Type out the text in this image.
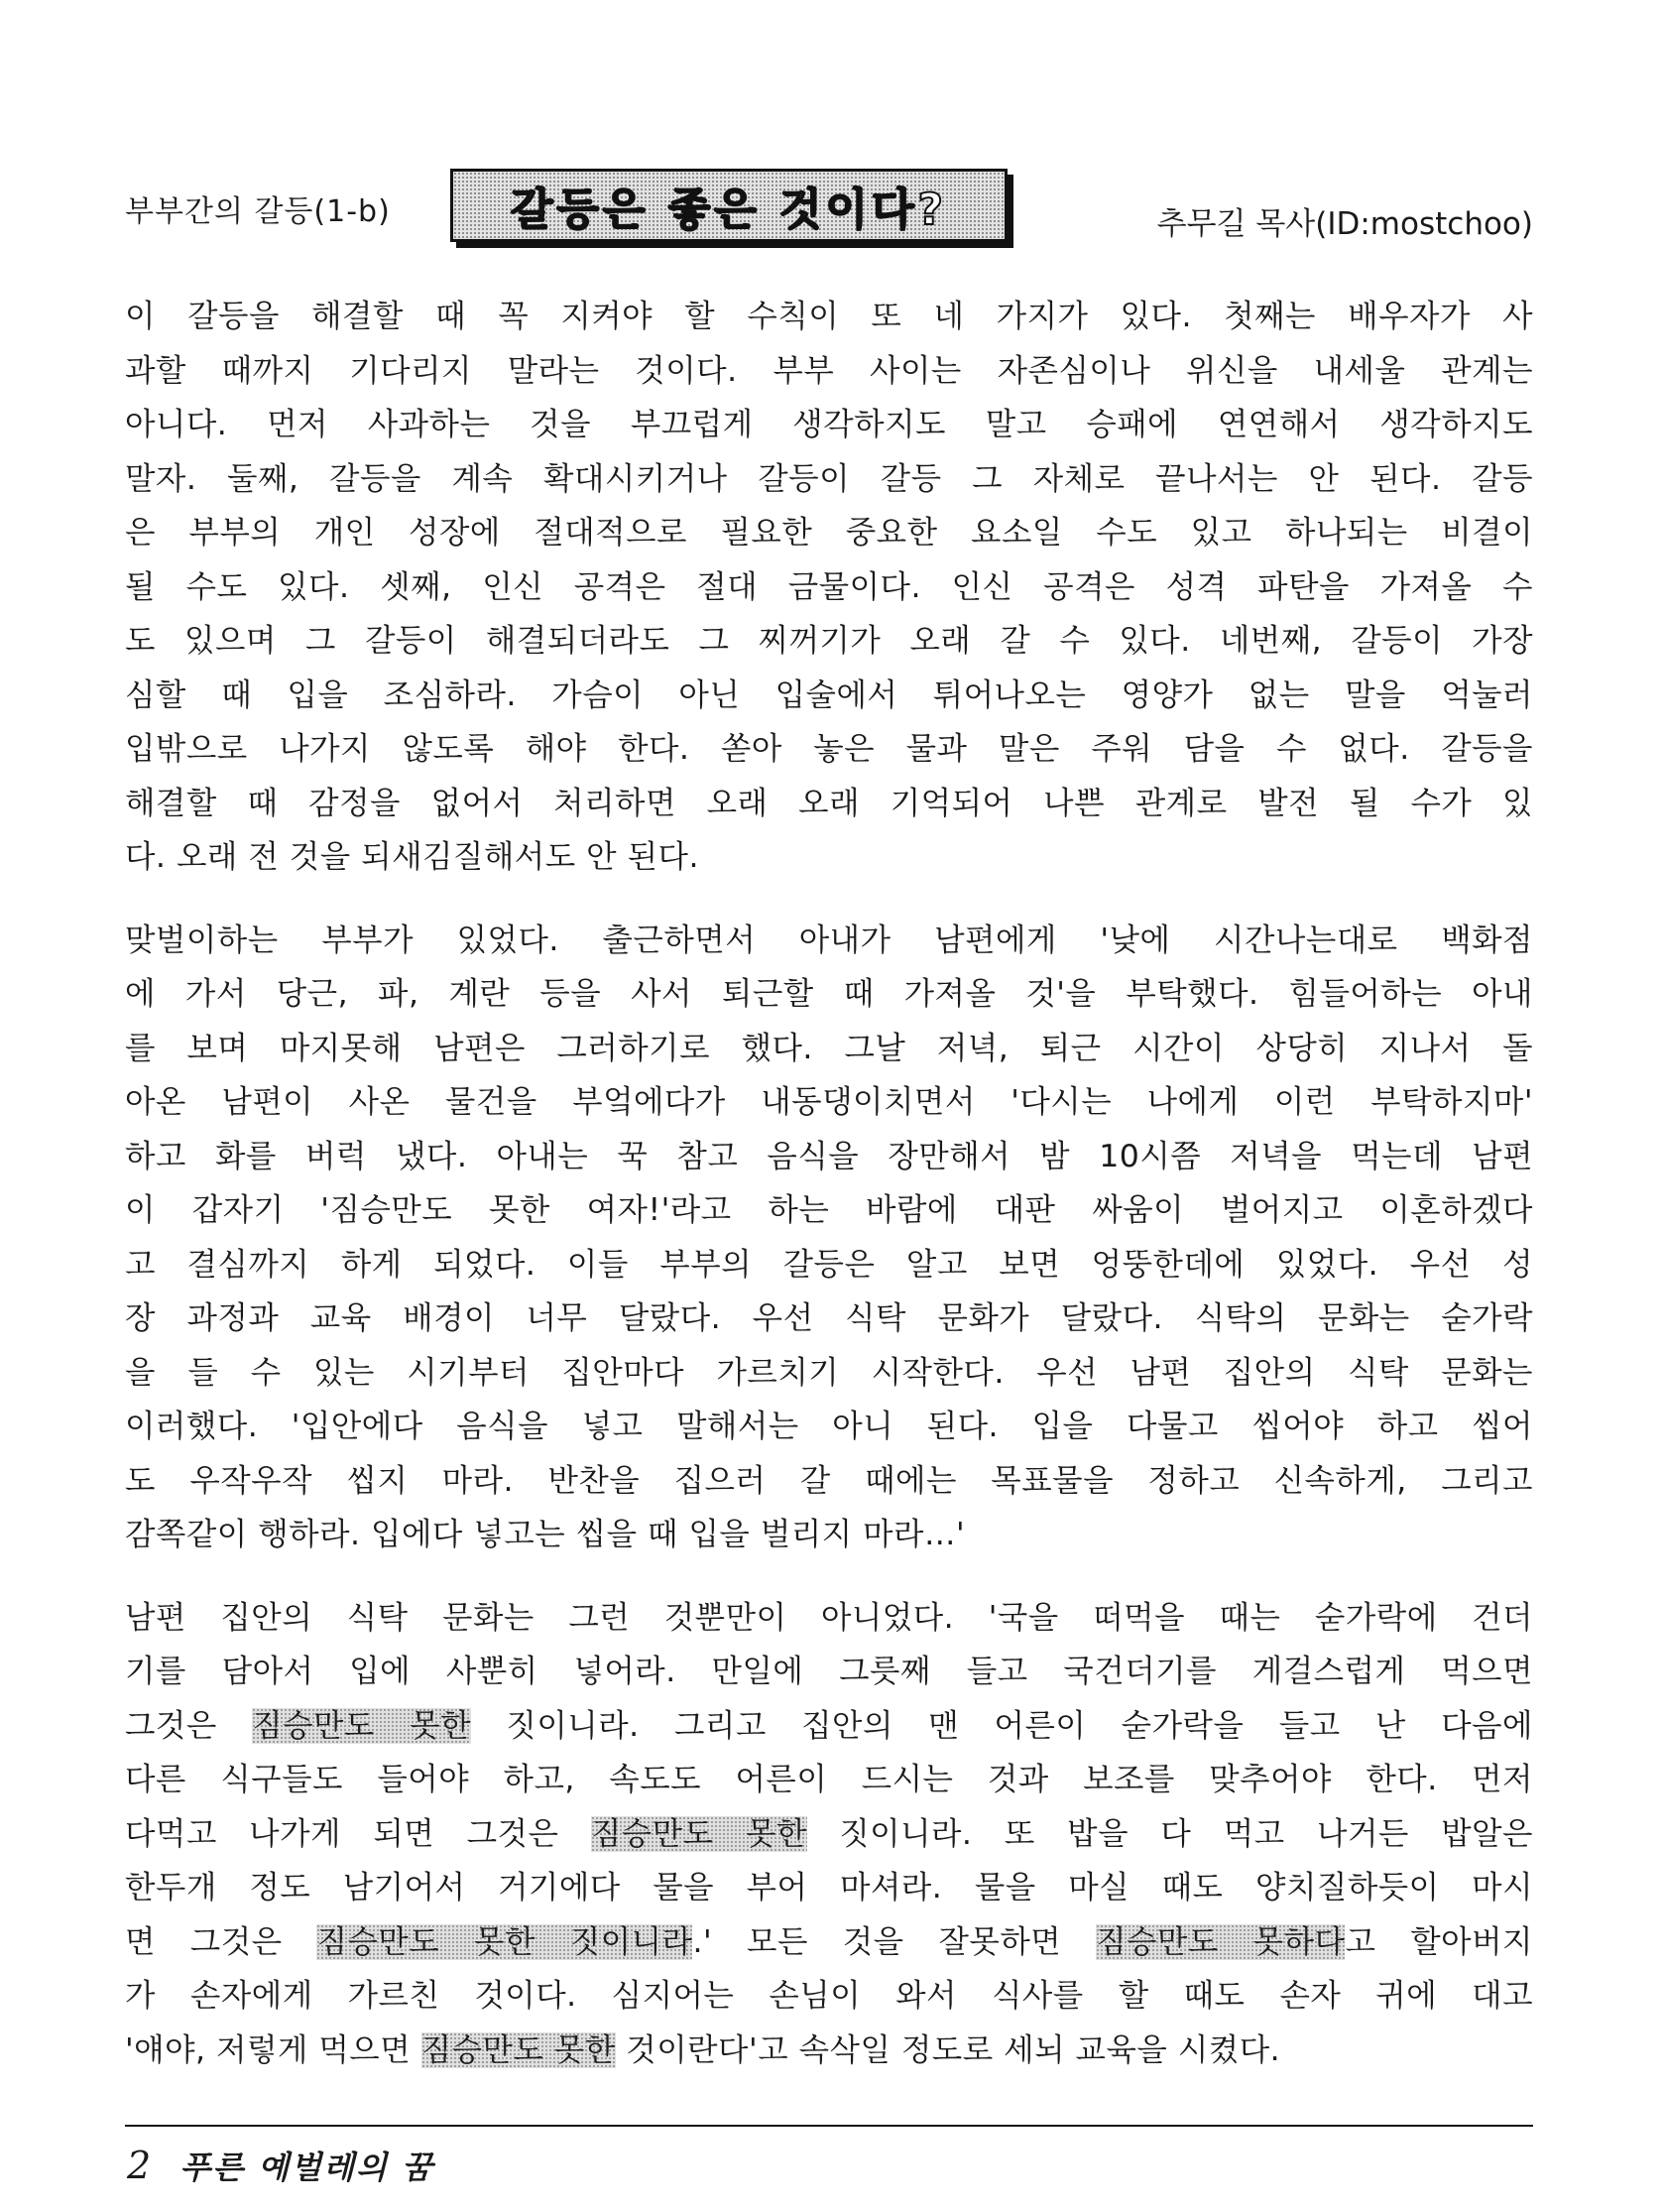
부부간의 갈등(1-b)	갈등은 좋은 것이다?	추무길 목사(ID:mostchoo)
이 갈등을 해결할 때 꼭 지켜야 할 수칙이 또 네 가지가 있다. 첫째는 배우자가 사
과할 때까지 기다리지 말라는 것이다. 부부 사이는 자존심이나 위신을 내세울 관계는
아니다. 먼저 사과하는 것을 부끄럽게 생각하지도 말고 승패에 연연해서 생각하지도
말자. 둘째, 갈등을 계속 확대시키거나 갈등이 갈등 그 자체로 끝나서는 안 된다. 갈등
은 부부의 개인 성장에 절대적으로 필요한 중요한 요소일 수도 있고 하나되는 비결이
될 수도 있다. 셋째, 인신 공격은 절대 금물이다. 인신 공격은 성격 파탄을 가져올 수
도 있으며 그 갈등이 해결되더라도 그 찌꺼기가 오래 갈 수 있다. 네번째, 갈등이 가장
심할 때 입을 조심하라. 가슴이 아닌 입술에서 튀어나오는 영양가 없는 말을 억눌러
입밖으로 나가지 않도록 해야 한다. 쏟아 놓은 물과 말은 주워 담을 수 없다. 갈등을
해결할 때 감정을 없어서 처리하면 오래 오래 기억되어 나쁜 관계로 발전 될 수가 있
다. 오래 전 것을 되새김질해서도 안 된다.
맞벌이하는 부부가 있었다. 출근하면서 아내가 남편에게 '낮에 시간나는대로 백화점
에 가서 당근, 파, 계란 등을 사서 퇴근할 때 가져올 것'을 부탁했다. 힘들어하는 아내
를 보며 마지못해 남편은 그러하기로 했다. 그날 저녁, 퇴근 시간이 상당히 지나서 돌
아온 남편이 사온 물건을 부엌에다가 내동댕이치면서 '다시는 나에게 이런 부탁하지마'
하고 화를 버럭 냈다. 아내는 꾹 참고 음식을 장만해서 밤 10시쯤 저녁을 먹는데 남편
이 갑자기 '짐승만도 못한 여자!'라고 하는 바람에 대판 싸움이 벌어지고 이혼하겠다
고 결심까지 하게 되었다. 이들 부부의 갈등은 알고 보면 엉뚱한데에 있었다. 우선 성
장 과정과 교육 배경이 너무 달랐다. 우선 식탁 문화가 달랐다. 식탁의 문화는 숟가락
을 들 수 있는 시기부터 집안마다 가르치기 시작한다. 우선 남편 집안의 식탁 문화는
이러했다. '입안에다 음식을 넣고 말해서는 아니 된다. 입을 다물고 씹어야 하고 씹어
도 우작우작 씹지 마라. 반찬을 집으러 갈 때에는 목표물을 정하고 신속하게, 그리고
감쪽같이 행하라. 입에다 넣고는 씹을 때 입을 벌리지 마라…'
남편 집안의 식탁 문화는 그런 것뿐만이 아니었다. '국을 떠먹을 때는 숟가락에 건더
기를 담아서 입에 사뿐히 넣어라. 만일에 그릇째 들고 국건더기를 게걸스럽게 먹으면
그것은 짐승만도 못한 짓이니라. 그리고 집안의 맨 어른이 숟가락을 들고 난 다음에
다른 식구들도 들어야 하고, 속도도 어른이 드시는 것과 보조를 맞추어야 한다. 먼저
다먹고 나가게 되면 그것은 짐승만도 못한 짓이니라. 또 밥을 다 먹고 나거든 밥알은
한두개 정도 남기어서 거기에다 물을 부어 마셔라. 물을 마실 때도 양치질하듯이 마시
면 그것은 짐승만도 못한 짓이니라.' 모든 것을 잘못하면 짐승만도 못하다고 할아버지
가 손자에게 가르친 것이다. 심지어는 손님이 와서 식사를 할 때도 손자 귀에 대고
'얘야, 저렇게 먹으면 짐승만도 못한 것이란다'고 속삭일 정도로 세뇌 교육을 시켰다.
2 푸른 예벌레의 꿈
